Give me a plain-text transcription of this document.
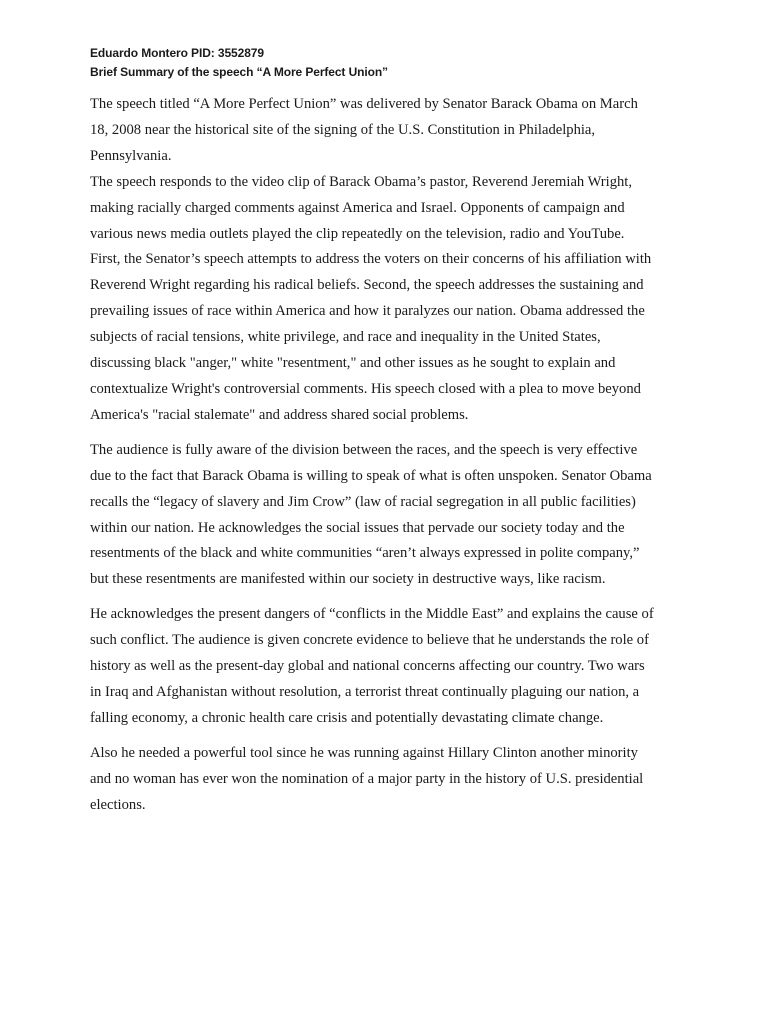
Eduardo Montero PID: 3552879
Brief Summary of the speech “A More Perfect Union”

The speech titled “A More Perfect Union” was delivered by Senator Barack Obama on March
18, 2008 near the historical site of the signing of the U.S. Constitution in Philadelphia,
Pennsylvania.
The speech responds to the video clip of Barack Obama’s pastor, Reverend Jeremiah Wright,
making racially charged comments against America and Israel. Opponents of campaign and
various news media outlets played the clip repeatedly on the television, radio and YouTube.
First, the Senator’s speech attempts to address the voters on their concerns of his affiliation with
Reverend Wright regarding his radical beliefs. Second, the speech addresses the sustaining and
prevailing issues of race within America and how it paralyzes our nation. Obama addressed the
subjects of racial tensions, white privilege, and race and inequality in the United States,
discussing black "anger," white "resentment," and other issues as he sought to explain and
contextualize Wright's controversial comments. His speech closed with a plea to move beyond
America's "racial stalemate" and address shared social problems.

The audience is fully aware of the division between the races, and the speech is very effective
due to the fact that Barack Obama is willing to speak of what is often unspoken. Senator Obama
recalls the “legacy of slavery and Jim Crow” (law of racial segregation in all public facilities)
within our nation. He acknowledges the social issues that pervade our society today and the
resentments of the black and white communities “aren’t always expressed in polite company,”
but these resentments are manifested within our society in destructive ways, like racism.

He acknowledges the present dangers of “conflicts in the Middle East” and explains the cause of
such conflict. The audience is given concrete evidence to believe that he understands the role of
history as well as the present-day global and national concerns affecting our country. Two wars
in Iraq and Afghanistan without resolution, a terrorist threat continually plaguing our nation, a
falling economy, a chronic health care crisis and potentially devastating climate change.

Also he needed a powerful tool since he was running against Hillary Clinton another minority
and no woman has ever won the nomination of a major party in the history of U.S. presidential
elections.
